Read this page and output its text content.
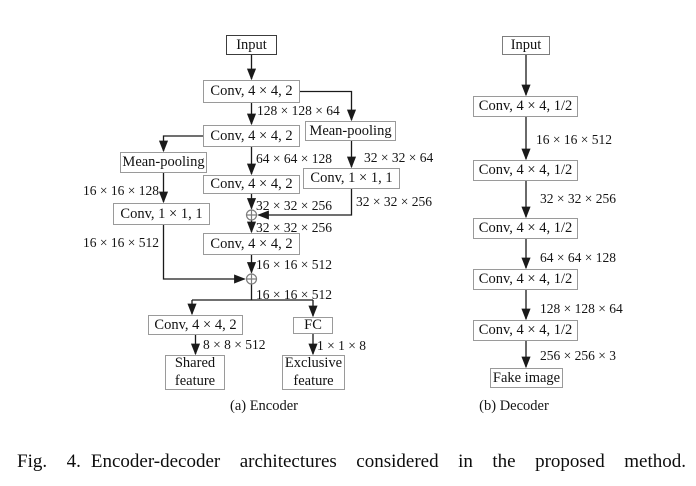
Input
Conv, 4 × 4, 2
Conv, 4 × 4, 2	Mean-pooling
Mean-pooling
Conv, 4 × 4, 2	Conv, 1 × 1, 1
Conv, 1 × 1, 1
Conv, 4 × 4, 2
Conv, 4 × 4, 2	FC
Shared feature
Exclusive feature
128 × 128 × 64
64 × 64 × 128 32 × 32 × 64
16 × 16 × 128
32 × 32 × 256
32 × 32 × 256
32 × 32 × 256
16 × 16 × 512
16 × 16 × 512
16 × 16 × 512
8 × 8 × 512	1 × 1 × 8
(a) Encoder
Input
Conv, 4 × 4, 1/2
Conv, 4 × 4, 1/2
Conv, 4 × 4, 1/2
Conv, 4 × 4, 1/2
Conv, 4 × 4, 1/2
Fake image
16 × 16 × 512
32 × 32 × 256
64 × 64 × 128
128 × 128 × 64
256 × 256 × 3
(b) Decoder
Fig. 4. Encoder-decoder architectures considered in the proposed method.
